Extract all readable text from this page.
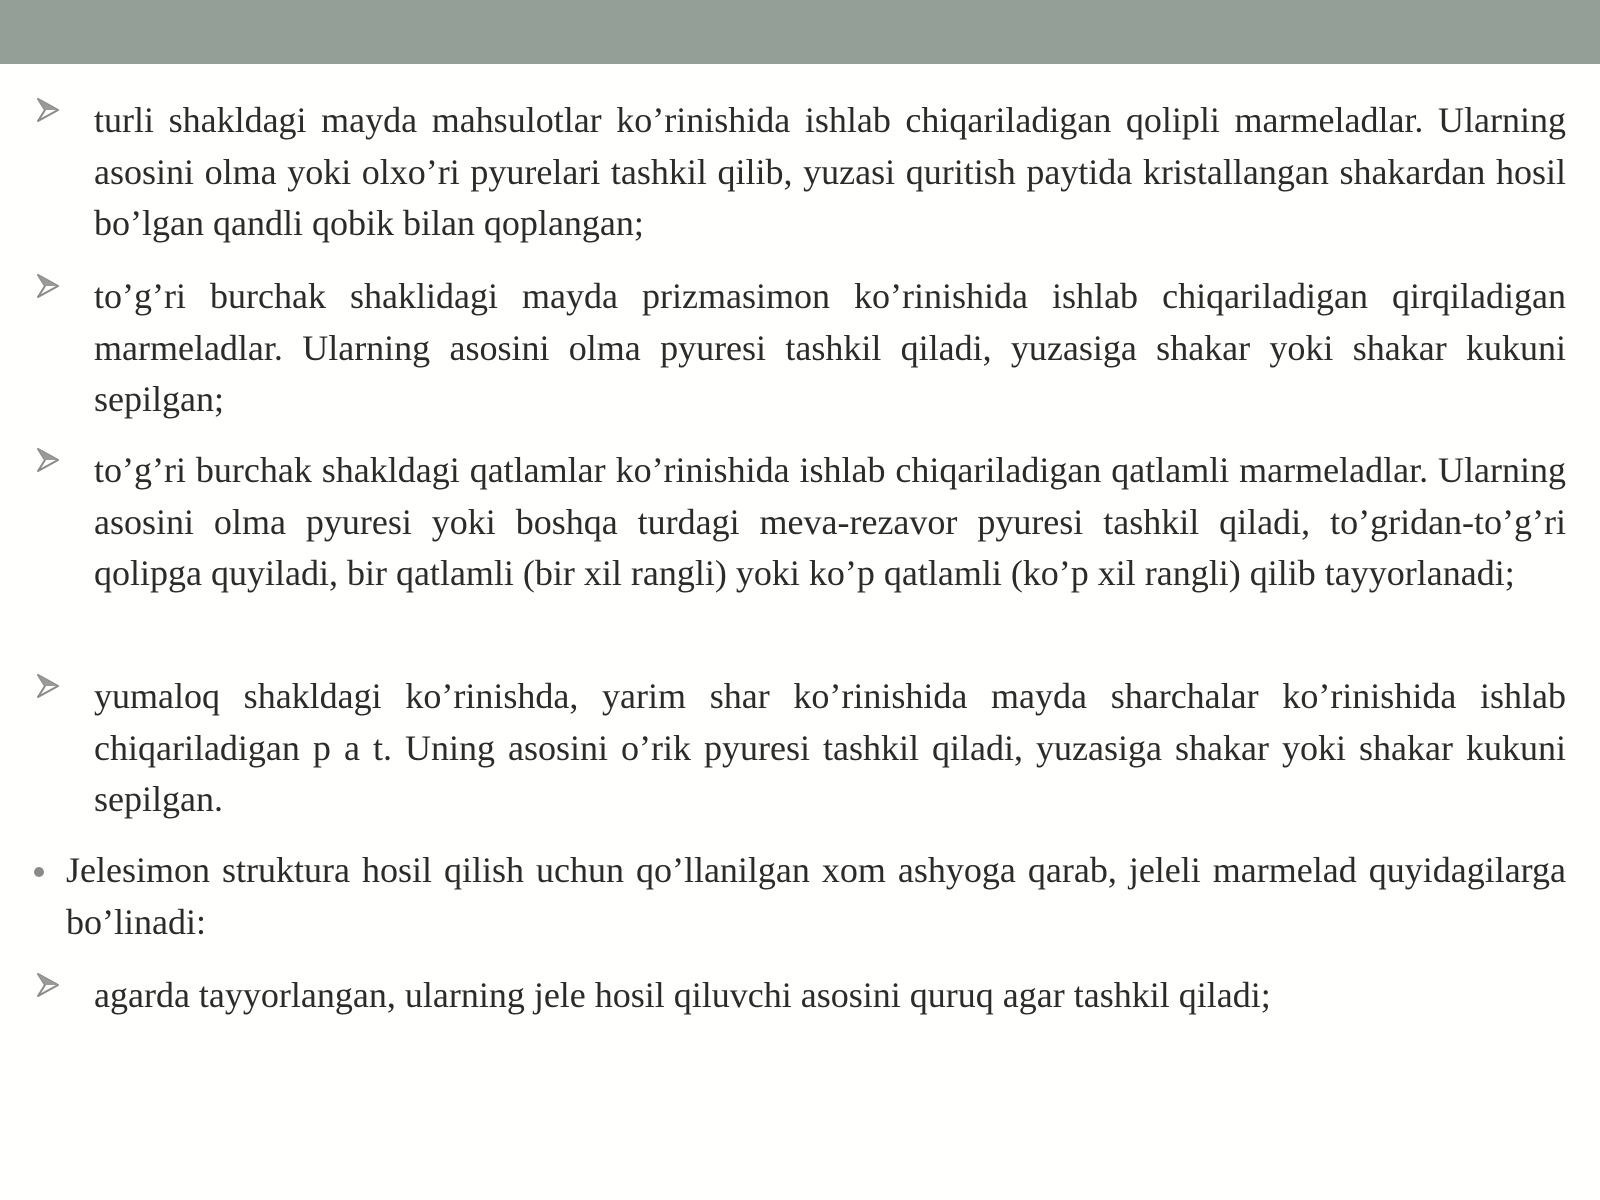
turli shakldagi mayda mahsulotlar ko’rinishida ishlab chiqariladigan qolipli marmeladlar. Ularning asosini olma yoki olxo’ri pyurelari tashkil qilib, yuzasi quritish paytida kristallangan shakardan hosil bo’lgan qandli qobik bilan qoplangan;

to’g’ri burchak shaklidagi mayda prizmasimon ko’rinishida ishlab chiqariladigan qirqiladigan marmeladlar. Ularning asosini olma pyuresi tashkil qiladi, yuzasiga shakar yoki shakar kukuni sepilgan;

to’g’ri burchak shakldagi qatlamlar ko’rinishida ishlab chiqariladigan qatlamli marmeladlar. Ularning asosini olma pyuresi yoki boshqa turdagi meva-rezavor pyuresi tashkil qiladi, to’gridan-to’g’ri qolipga quyiladi, bir qatlamli (bir xil rangli) yoki ko’p qatlamli (ko’p xil rangli) qilib tayyorlanadi;

yumaloq shakldagi ko’rinishda, yarim shar ko’rinishida mayda sharchalar ko’rinishida ishlab chiqariladigan p a t. Uning asosini o’rik pyuresi tashkil qiladi, yuzasiga shakar yoki shakar kukuni sepilgan.

Jelesimon struktura hosil qilish uchun qo’llanilgan xom ashyoga qarab, jeleli marmelad quyidagilarga bo’linadi:

agarda tayyorlangan, ularning jele hosil qiluvchi asosini quruq agar tashkil qiladi;
